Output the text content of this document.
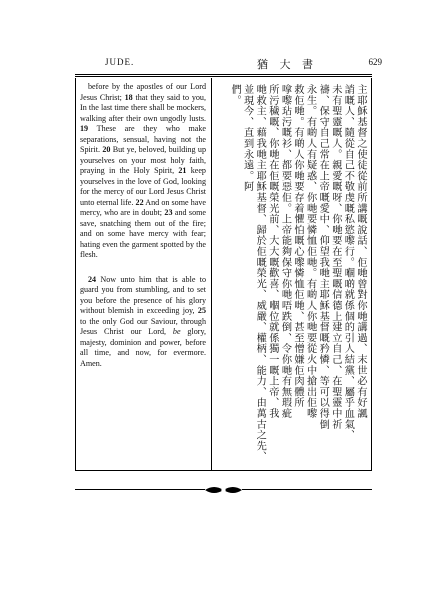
JUDE.	猶 大 書	629

before by the apostles of our Lord Jesus Christ; 18 that they said to you, In the last time there shall be mockers, walking after their own ungodly lusts. 19 These are they who make separations, sensual, having not the Spirit. 20 But ye, beloved, building up yourselves on your most holy faith, praying in the Holy Spirit, 21 keep yourselves in the love of God, looking for the mercy of our Lord Jesus Christ unto eternal life. 22 And on some have mercy, who are in doubt; 23 and some save, snatching them out of the fire; and on some have mercy with fear; hating even the garment spotted by the flesh.

24 Now unto him that is able to guard you from stumbling, and to set you before the presence of his glory without blemish in exceeding joy, 25 to the only God our Saviour, through Jesus Christ our Lord, be glory, majesty, dominion and power, before all time, and now, for evermore. Amen.	主耶穌基督之使徒從前所講嘅說話、佢哋曾對你哋講過、末世必有好諷
誚嘅人、隨從自己不敬虔嘅私慾嚟行。嗰啲就係個的引人結黨、屬乎血氣、
未有聖靈嘅人。親愛嘅呀、你哋要在至聖嘅信德上建立自己、在聖靈中祈
禱、保守自己常在上帝嘅愛中、仰望我哋主耶穌基督嘅矜憐、等可以得倒
永生。有啲人有疑惑、你哋要憐恤佢哋。有啲人你哋要從火中搶出佢嚟
救佢哋。有啲人你哋要存着懼怕嘅心嚟憐恤佢哋、甚至憎嫌佢肉體所
嗱嚟玷污嘅衫、都要惡佢。上帝能夠保守你哋唔跌倒、令你哋有無瑕疵
所污穢嘅、你哋在佢嘅榮光前、大大嘅歡喜、嗰位就係獨一嘅上帝、我
哋救主、藉我哋主耶穌基督、歸於佢嘅榮光、威嚴、權柄、能力、由萬古之先、並現今、直到永遠。阿
們。
